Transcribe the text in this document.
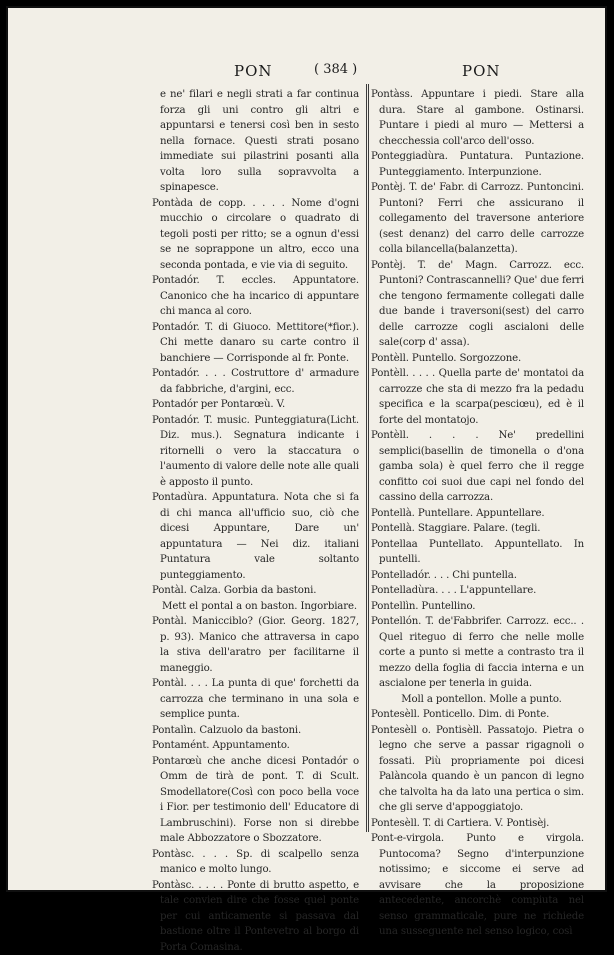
PON	( 384 )	PON

e ne' filari e negli strati a far continua forza gli uni contro gli altri e appuntarsi e tenersi così ben in sesto nella fornace. Questi strati posano immediate sui pilastrini posanti alla volta loro sulla sopravvolta a spinapesce.

Pontàda de copp. . . . . Nome d'ogni mucchio o circolare o quadrato di tegoli posti per ritto; se a ognun d'essi se ne soprappone un altro, ecco una seconda pontada, e vie via di seguito.

Pontadór. T. eccles. Appuntatore. Canonico che ha incarico di appuntare chi manca al coro.

Pontadór. T. di Giuoco. Mettitore(*fior.). Chi mette danaro su carte contro il banchiere — Corrisponde al fr. Ponte.

Pontadór. . . . Costruttore d' armadure da fabbriche, d'argini, ecc.

Pontadór per Pontarœù. V.

Pontadór. T. music. Punteggiatura(Licht. Diz. mus.). Segnatura indicante i ritornelli o vero la staccatura o l'aumento di valore delle note alle quali è apposto il punto.

Pontadùra. Appuntatura. Nota che si fa di chi manca all'ufficio suo, ciò che dicesi Appuntare, Dare un' appuntatura — Nei diz. italiani Puntatura vale soltanto punteggiamento.

Pontàl. Calza. Gorbia da bastoni.

Mett el pontal a on baston. Ingorbiare.

Pontàl. Manicciblo? (Gior. Georg. 1827, p. 93). Manico che attraversa in capo la stiva dell'aratro per facilitarne il maneggio.

Pontàl. . . . La punta di que' forchetti da carrozza che terminano in una sola e semplice punta.

Pontalìn. Calzuolo da bastoni.

Pontamént. Appuntamento.

Pontarœù che anche dicesi Pontadór o Omm de tirà de pont. T. di Scult. Smodellatore(Così con poco bella voce i Fior. per testimonio dell' Educatore di Lambruschini). Forse non si direbbe male Abbozzatore o Sbozzatore.

Pontàsc. . . . Sp. di scalpello senza manico e molto lungo.

Pontàsc. . . . . Ponte di brutto aspetto, e tale convien dire che fosse quel ponte per cui anticamente si passava dal bastione oltre il Pontevetro al borgo di Porta Comasina.

Pontàss. Appuntare i piedi. Stare alla dura. Stare al gambone. Ostinarsi. Puntare i piedi al muro — Mettersi a checchessia coll'arco dell'osso.

Ponteggiadùra. Puntatura. Puntazione. Punteggiamento. Interpunzione.

Pontèj. T. de' Fabr. di Carrozz. Puntoncini. Puntoni? Ferri che assicurano il collegamento del traversone anteriore (sest denanz) del carro delle carrozze colla bilancella(balanzetta).

Pontèj. T. de' Magn. Carrozz. ecc. Puntoni? Contrascannelli? Que' due ferri che tengono fermamente collegati dalle due bande i traversoni(sest) del carro delle carrozze cogli ascialoni delle sale(corp d' assa).

Pontèll. Puntello. Sorgozzone.

Pontèll. . . . . Quella parte de' montatoi da carrozze che sta di mezzo fra la pedadu specifica e la scarpa(pesciœu), ed è il forte del montatojo.

Pontèll. . . . Ne' predellini semplici(basellin de timonella o d'ona gamba sola) è quel ferro che il regge confitto coi suoi due capi nel fondo del cassino della carrozza.

Pontellà. Puntellare. Appuntellare.

Pontellà. Staggiare. Palare. (tegli.

Pontellaa Puntellato. Appuntellato. In puntelli.

Pontelladór. . . . Chi puntella.

Pontelladùra. . . . L'appuntellare.

Pontellìn. Puntellino.

Pontellón. T. de'Fabbrifer. Carrozz. ecc.. . Quel riteguo di ferro che nelle molle corte a punto si mette a contrasto tra il mezzo della foglia di faccia interna e un ascialone per tenerla in guida.

Moll a pontellon. Molle a punto.

Pontesèll. Ponticello. Dim. di Ponte.

Pontesèll o. Pontisèll. Passatojo. Pietra o legno che serve a passar rigagnoli o fossati. Più propriamente poi dicesi Palàncola quando è un pancon di legno che talvolta ha da lato una pertica o sim. che gli serve d'appoggiatojo.

Pontesèll. T. di Cartiera. V. Pontisèj.

Pont-e-virgola. Punto e virgola. Puntocoma? Segno d'interpunzione notissimo; e siccome ei serve ad avvisare che la proposizione antecedente, ancorchè compiuta nel senso grammaticale, pure ne richiede una susseguente nel senso logico, così
